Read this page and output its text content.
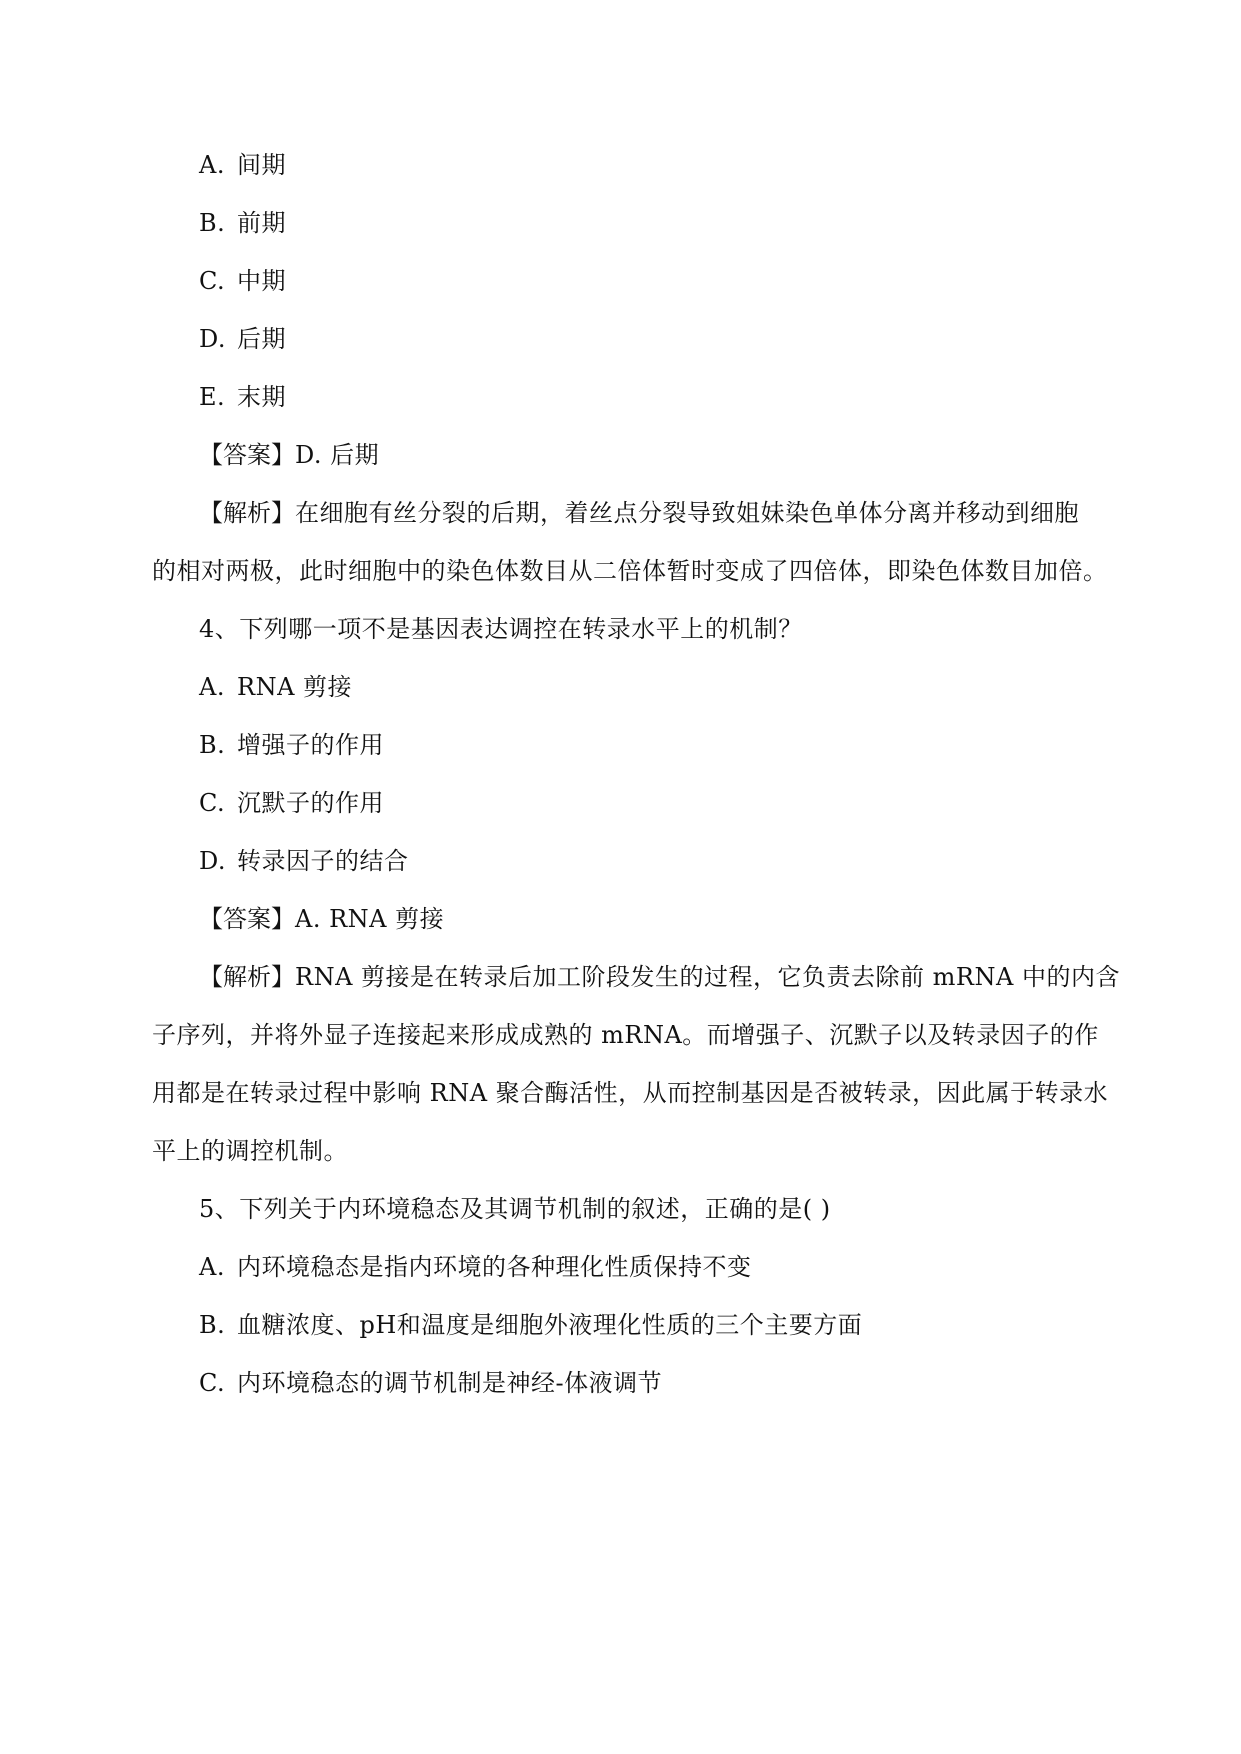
A. 间期
B. 前期
C. 中期
D. 后期
E. 末期
【答案】D. 后期
【解析】在细胞有丝分裂的后期，着丝点分裂导致姐妹染色单体分离并移动到细胞
的相对两极，此时细胞中的染色体数目从二倍体暂时变成了四倍体，即染色体数目加倍。
4、下列哪一项不是基因表达调控在转录水平上的机制？
A. RNA 剪接
B. 增强子的作用
C. 沉默子的作用
D. 转录因子的结合
【答案】A. RNA 剪接
【解析】RNA 剪接是在转录后加工阶段发生的过程，它负责去除前 mRNA 中的内含
子序列，并将外显子连接起来形成成熟的 mRNA。而增强子、沉默子以及转录因子的作
用都是在转录过程中影响 RNA 聚合酶活性，从而控制基因是否被转录，因此属于转录水
平上的调控机制。
5、下列关于内环境稳态及其调节机制的叙述，正确的是( )
A. 内环境稳态是指内环境的各种理化性质保持不变
B. 血糖浓度、pH和温度是细胞外液理化性质的三个主要方面
C. 内环境稳态的调节机制是神经-体液调节
